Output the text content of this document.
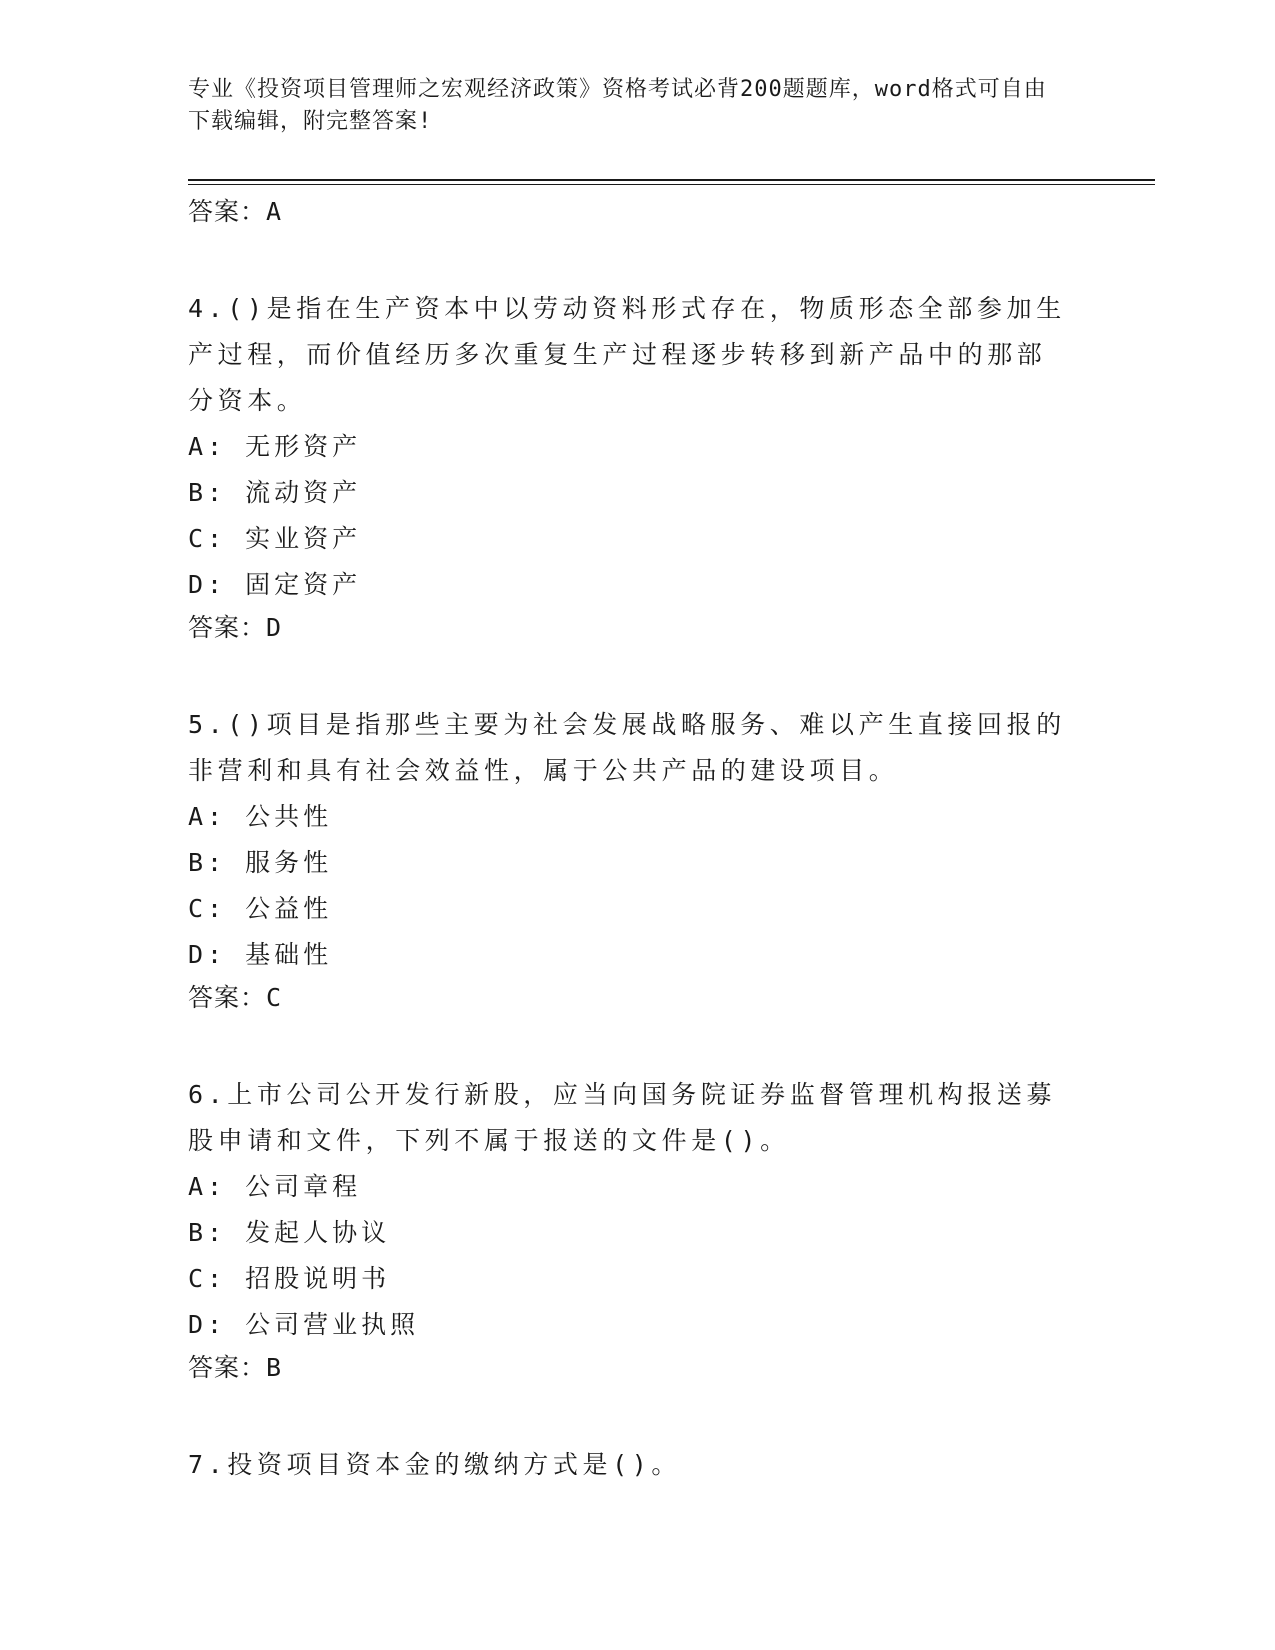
专业《投资项目管理师之宏观经济政策》资格考试必背200题题库，word格式可自由下载编辑，附完整答案!

答案：A

4.()是指在生产资本中以劳动资料形式存在，物质形态全部参加生产过程，而价值经历多次重复生产过程逐步转移到新产品中的那部分资本。

A: 无形资产

B: 流动资产

C: 实业资产

D: 固定资产

答案：D

5.()项目是指那些主要为社会发展战略服务、难以产生直接回报的非营利和具有社会效益性，属于公共产品的建设项目。

A: 公共性

B: 服务性

C: 公益性

D: 基础性

答案：C

6.上市公司公开发行新股，应当向国务院证券监督管理机构报送募股申请和文件，下列不属于报送的文件是()。

A: 公司章程

B: 发起人协议

C: 招股说明书

D: 公司营业执照

答案：B

7.投资项目资本金的缴纳方式是()。
